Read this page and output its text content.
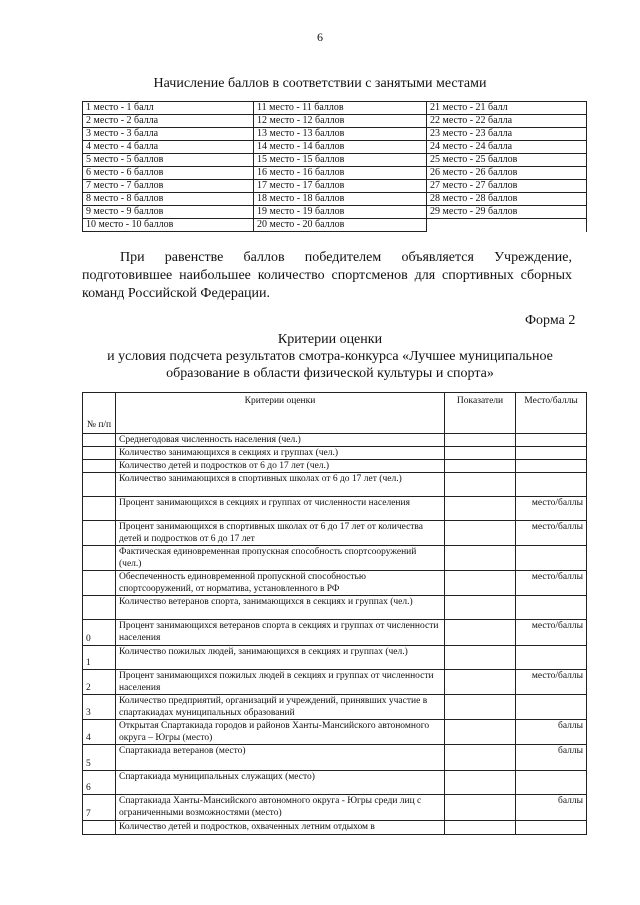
6
Начисление баллов в соответствии с занятыми местами
1 место - 1 балл	11 место - 11 баллов	21 место - 21 балл
2 место - 2 балла	12 место - 12 баллов	22 место - 22 балла
3 место - 3 балла	13 место - 13 баллов	23 место - 23 балла
4 место - 4 балла	14 место - 14 баллов	24 место - 24 балла
5 место - 5 баллов	15 место - 15 баллов	25 место - 25 баллов
6 место - 6 баллов	16 место - 16 баллов	26 место - 26 баллов
7 место - 7 баллов	17 место - 17 баллов	27 место - 27 баллов
8 место - 8 баллов	18 место - 18 баллов	28 место - 28 баллов
9 место - 9 баллов	19 место - 19 баллов	29 место - 29 баллов
10 место - 10 баллов	20 место - 20 баллов	
При равенстве баллов победителем объявляется Учреждение, подготовившее наибольшее количество спортсменов для спортивных сборных команд Российской Федерации.
Форма 2
Критерии оценки
и условия подсчета результатов смотра-конкурса «Лучшее муниципальное
образование в области физической культуры и спорта»
№ п/п	Критерии оценки	Показатели	Место/баллы
	Среднегодовая численность населения (чел.)		
	Количество занимающихся в секциях и группах (чел.)		
	Количество детей и подростков от 6 до 17 лет (чел.)		
	Количество занимающихся в спортивных школах от 6 до 17 лет (чел.)		
	Процент занимающихся в секциях и группах от численности населения		место/баллы
	Процент занимающихся в спортивных школах от 6 до 17 лет от количества детей и подростков от 6 до 17 лет		место/баллы
	Фактическая единовременная пропускная способность спортсооружений (чел.)		
	Обеспеченность единовременной пропускной способностью спортсооружений, от норматива, установленного в РФ		место/баллы
	Количество ветеранов спорта, занимающихся в секциях и группах (чел.)		
0	Процент занимающихся ветеранов спорта в секциях и группах от численности населения		место/баллы
1	Количество пожилых людей, занимающихся в секциях и группах (чел.)		
2	Процент занимающихся пожилых людей в секциях и группах от численности населения		место/баллы
3	Количество предприятий, организаций и учреждений, принявших участие в спартакиадах муниципальных образований		
4	Открытая Спартакиада городов и районов Ханты-Мансийского автономного округа – Югры (место)		баллы
5	Спартакиада ветеранов (место)		баллы
6	Спартакиада муниципальных служащих (место)		
7	Спартакиада Ханты-Мансийского автономного округа - Югры среди лиц с ограниченными возможностями (место)		баллы
	Количество детей и подростков, охваченных летним отдыхом в		
